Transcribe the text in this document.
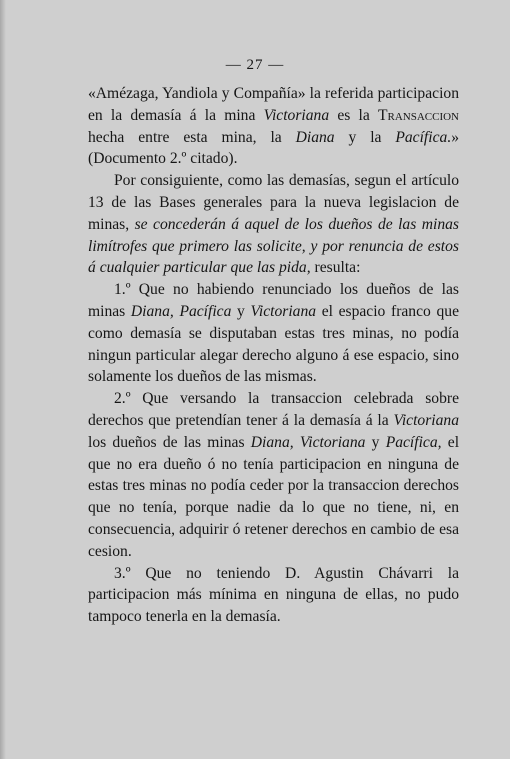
— 27 —

«Amézaga, Yandiola y Compañía» la referida participacion en la demasía á la mina Victoriana es la Transaccion hecha entre esta mina, la Diana y la Pacífica.» (Documento 2.º citado).

Por consiguiente, como las demasías, segun el artículo 13 de las Bases generales para la nueva legislacion de minas, se concederán á aquel de los dueños de las minas limítrofes que primero las solicite, y por renuncia de estos á cualquier particular que las pida, resulta:

1.º Que no habiendo renunciado los dueños de las minas Diana, Pacífica y Victoriana el espacio franco que como demasía se disputaban estas tres minas, no podía ningun particular alegar derecho alguno á ese espacio, sino solamente los dueños de las mismas.

2.º Que versando la transaccion celebrada sobre derechos que pretendían tener á la demasía á la Victoriana los dueños de las minas Diana, Victoriana y Pacífica, el que no era dueño ó no tenía participacion en ninguna de estas tres minas no podía ceder por la transaccion derechos que no tenía, porque nadie da lo que no tiene, ni, en consecuencia, adquirir ó retener derechos en cambio de esa cesion.

3.º Que no teniendo D. Agustin Chávarri la participacion más mínima en ninguna de ellas, no pudo tampoco tenerla en la demasía.
